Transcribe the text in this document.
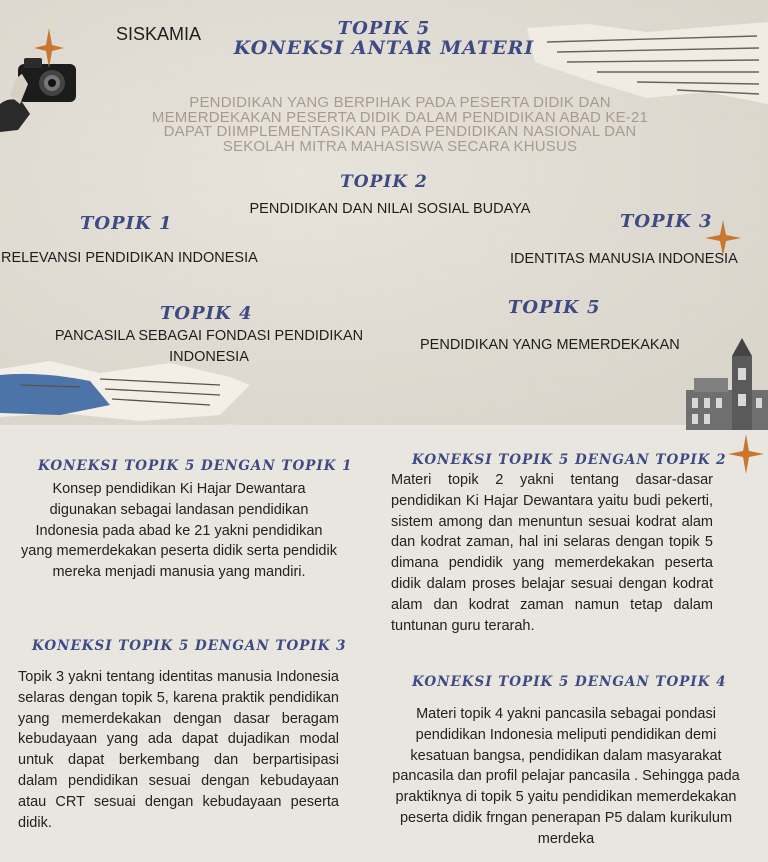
SISKAMIA	TOPIK 5
KONEKSI ANTAR MATERI
PENDIDIKAN YANG BERPIHAK PADA PESERTA DIDIK DAN MEMERDEKAKAN PESERTA DIDIK DALAM PENDIDIKAN ABAD KE-21 DAPAT DIIMPLEMENTASIKAN PADA PENDIDIKAN NASIONAL DAN SEKOLAH MITRA MAHASISWA SECARA KHUSUS
TOPIK 2
PENDIDIKAN DAN NILAI SOSIAL BUDAYA
TOPIK 1
RELEVANSI PENDIDIKAN INDONESIA
TOPIK 3
IDENTITAS MANUSIA INDONESIA
TOPIK 4
PANCASILA SEBAGAI FONDASI PENDIDIKAN INDONESIA
TOPIK 5
PENDIDIKAN YANG MEMERDEKAKAN
KONEKSI TOPIK 5 DENGAN TOPIK 1
Konsep pendidikan Ki Hajar Dewantara digunakan sebagai landasan pendidikan Indonesia pada abad ke 21 yakni pendidikan yang memerdekakan peserta didik serta pendidik mereka menjadi manusia yang mandiri.
KONEKSI TOPIK 5 DENGAN TOPIK 2
Materi topik 2 yakni tentang dasar-dasar pendidikan Ki Hajar Dewantara yaitu budi pekerti, sistem among dan menuntun sesuai kodrat alam dan kodrat zaman, hal ini selaras dengan topik 5 dimana pendidik yang memerdekakan peserta didik dalam proses belajar sesuai dengan kodrat alam dan kodrat zaman namun tetap dalam tuntunan guru terarah.
KONEKSI TOPIK 5 DENGAN TOPIK 3
Topik 3 yakni tentang identitas manusia Indonesia selaras dengan topik 5, karena praktik pendidikan yang memerdekakan dengan dasar beragam kebudayaan yang ada dapat dujadikan modal untuk dapat berkembang dan berpartisipasi dalam pendidikan sesuai dengan kebudayaan atau CRT sesuai dengan kebudayaan peserta didik.
KONEKSI TOPIK 5 DENGAN TOPIK 4
Materi topik 4 yakni pancasila sebagai pondasi pendidikan Indonesia meliputi pendidikan demi kesatuan bangsa, pendidikan dalam masyarakat pancasila dan profil pelajar pancasila . Sehingga pada praktiknya di topik 5 yaitu pendidikan memerdekakan peserta didik frngan penerapan P5 dalam kurikulum merdeka
